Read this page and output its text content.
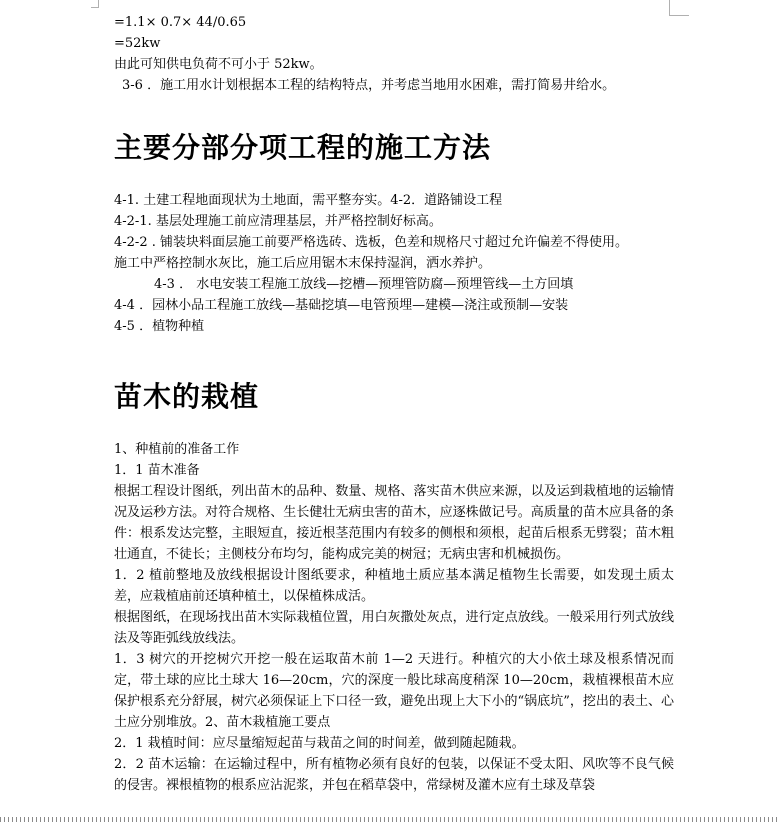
=1.1× 0.7× 44/0.65
=52kw
由此可知供电负荷不可小于 52kw。
3-6 ．施工用水计划根据本工程的结构特点，并考虑当地用水困难，需打简易井给水。
主要分部分项工程的施工方法
4-1. 土建工程地面现状为土地面，需平整夯实。4-2．道路铺设工程
4-2-1. 基层处理施工前应清理基层，并严格控制好标高。
4-2-2 . 铺装块料面层施工前要严格选砖、选板，色差和规格尺寸超过允许偏差不得使用。
施工中严格控制水灰比，施工后应用锯木末保持湿润，洒水养护。
4-3 ． 水电安装工程施工放线—挖槽—预埋管防腐—预埋管线—土方回填
4-4 ．园林小品工程施工放线—基础挖填—电管预埋—建模—浇注或预制—安装
4-5 ．植物种植
苗木的栽植
1、种植前的准备工作
1．1 苗木准备
根据工程设计图纸，列出苗木的品种、数量、规格、落实苗木供应来源，以及运到栽植地的运输情况及运秒方法。对符合规格、生长健壮无病虫害的苗木，应逐株做记号。高质量的苗木应具备的条件：根系发达完整，主眼短直，接近根茎范围内有较多的侧根和须根，起苗后根系无劈裂；苗木粗壮通直，不徒长；主侧枝分布均匀，能构成完美的树冠；无病虫害和机械损伤。
1．2 植前整地及放线根据设计图纸要求，种植地土质应基本满足植物生长需要，如发现土质太差，应栽植庙前还填种植土，以保植株成活。
根据图纸，在现场找出苗木实际栽植位置，用白灰撒处灰点，进行定点放线。一般采用行列式放线法及等距弧线放线法。
1．3 树穴的开挖树穴开挖一般在运取苗木前 1—2 天进行。种植穴的大小依土球及根系情况而定，带土球的应比土球大 16—20cm，穴的深度一般比球高度稍深 10—20cm，栽植裸根苗木应保护根系充分舒展，树穴必须保证上下口径一致，避免出现上大下小的“锅底坑”，挖出的表土、心土应分别堆放。2、苗木栽植施工要点
2．1 栽植时间：应尽量缩短起苗与栽苗之间的时间差，做到随起随栽。
2．2 苗木运输：在运输过程中，所有植物必须有良好的包装，以保证不受太阳、风吹等不良气候的侵害。裸根植物的根系应沾泥浆，并包在稻草袋中，常绿树及灌木应有土球及草袋
